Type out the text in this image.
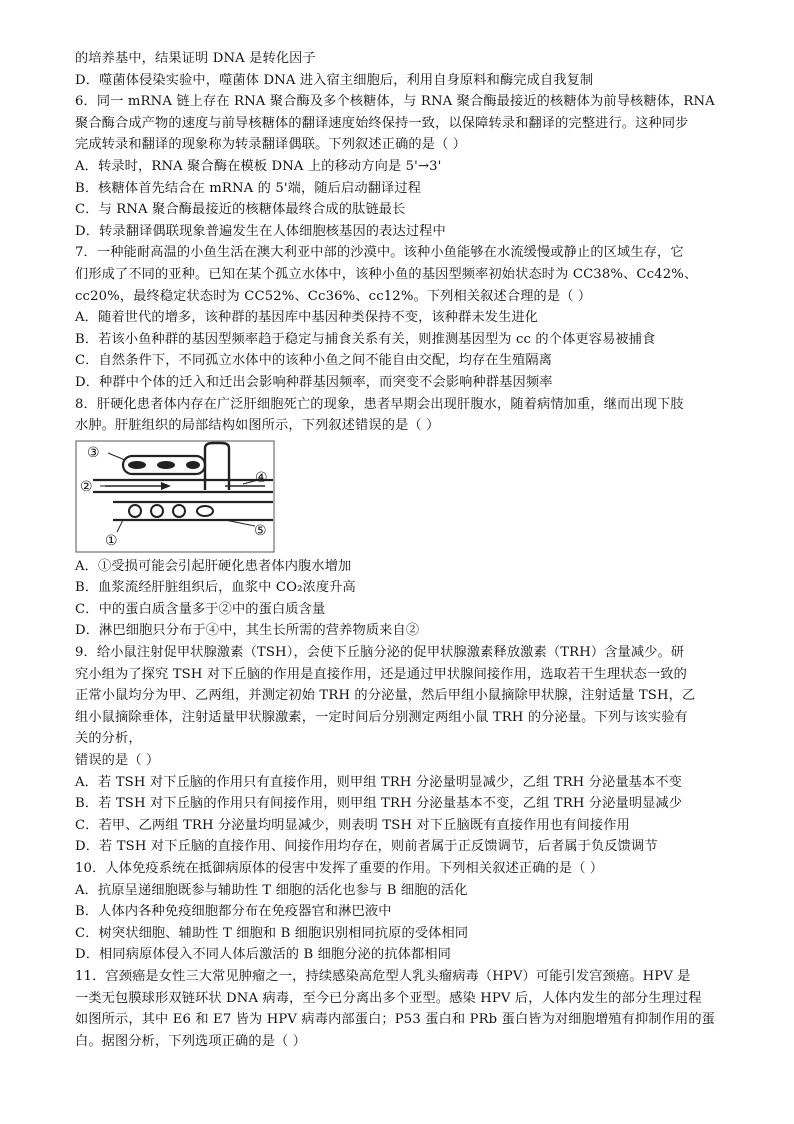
的培养基中，结果证明 DNA 是转化因子
D．噬菌体侵染实验中，噬菌体 DNA 进入宿主细胞后，利用自身原料和酶完成自我复制
6．同一 mRNA 链上存在 RNA 聚合酶及多个核糖体，与 RNA 聚合酶最接近的核糖体为前导核糖体，RNA
聚合酶合成产物的速度与前导核糖体的翻译速度始终保持一致，以保障转录和翻译的完整进行。这种同步
完成转录和翻译的现象称为转录翻译偶联。下列叙述正确的是（ ）
A．转录时，RNA 聚合酶在模板 DNA 上的移动方向是 5'→3'
B．核糖体首先结合在 mRNA 的 5'端，随后启动翻译过程
C．与 RNA 聚合酶最接近的核糖体最终合成的肽链最长
D．转录翻译偶联现象普遍发生在人体细胞核基因的表达过程中
7．一种能耐高温的小鱼生活在澳大利亚中部的沙漠中。该种小鱼能够在水流缓慢或静止的区域生存，它
们形成了不同的亚种。已知在某个孤立水体中，该种小鱼的基因型频率初始状态时为 CC38%、Cc42%、
cc20%，最终稳定状态时为 CC52%、Cc36%、cc12%。下列相关叙述合理的是（ ）
A．随着世代的增多，该种群的基因库中基因种类保持不变，该种群未发生进化
B．若该小鱼种群的基因型频率趋于稳定与捕食关系有关，则推测基因型为 cc 的个体更容易被捕食
C．自然条件下，不同孤立水体中的该种小鱼之间不能自由交配，均存在生殖隔离
D．种群中个体的迁入和迁出会影响种群基因频率，而突变不会影响种群基因频率
8．肝硬化患者体内存在广泛肝细胞死亡的现象，患者早期会出现肝腹水，随着病情加重，继而出现下肢
水肿。肝脏组织的局部结构如图所示，下列叙述错误的是（ ）
③
②
④
⑤
①
A．①受损可能会引起肝硬化患者体内腹水增加
B．血浆流经肝脏组织后，血浆中 CO₂浓度升高
C．中的蛋白质含量多于②中的蛋白质含量
D．淋巴细胞只分布于④中，其生长所需的营养物质来自②
9．给小鼠注射促甲状腺激素（TSH），会使下丘脑分泌的促甲状腺激素释放激素（TRH）含量减少。研
究小组为了探究 TSH 对下丘脑的作用是直接作用，还是通过甲状腺间接作用，选取若干生理状态一致的
正常小鼠均分为甲、乙两组，并测定初始 TRH 的分泌量，然后甲组小鼠摘除甲状腺，注射适量 TSH，乙
组小鼠摘除垂体，注射适量甲状腺激素，一定时间后分别测定两组小鼠 TRH 的分泌量。下列与该实验有
关的分析，
错误的是（ ）
A．若 TSH 对下丘脑的作用只有直接作用，则甲组 TRH 分泌量明显减少，乙组 TRH 分泌量基本不变
B．若 TSH 对下丘脑的作用只有间接作用，则甲组 TRH 分泌量基本不变，乙组 TRH 分泌量明显减少
C．若甲、乙两组 TRH 分泌量均明显减少，则表明 TSH 对下丘脑既有直接作用也有间接作用
D．若 TSH 对下丘脑的直接作用、间接作用均存在，则前者属于正反馈调节，后者属于负反馈调节
10．人体免疫系统在抵御病原体的侵害中发挥了重要的作用。下列相关叙述正确的是（ ）
A．抗原呈递细胞既参与辅助性 T 细胞的活化也参与 B 细胞的活化
B．人体内各种免疫细胞都分布在免疫器官和淋巴液中
C．树突状细胞、辅助性 T 细胞和 B 细胞识别相同抗原的受体相同
D．相同病原体侵入不同人体后激活的 B 细胞分泌的抗体都相同
11．宫颈癌是女性三大常见肿瘤之一，持续感染高危型人乳头瘤病毒（HPV）可能引发宫颈癌。HPV 是
一类无包膜球形双链环状 DNA 病毒，至今已分离出多个亚型。感染 HPV 后，人体内发生的部分生理过程
如图所示，其中 E6 和 E7 皆为 HPV 病毒内部蛋白；P53 蛋白和 PRb 蛋白皆为对细胞增殖有抑制作用的蛋
白。据图分析，下列选项正确的是（ ）
